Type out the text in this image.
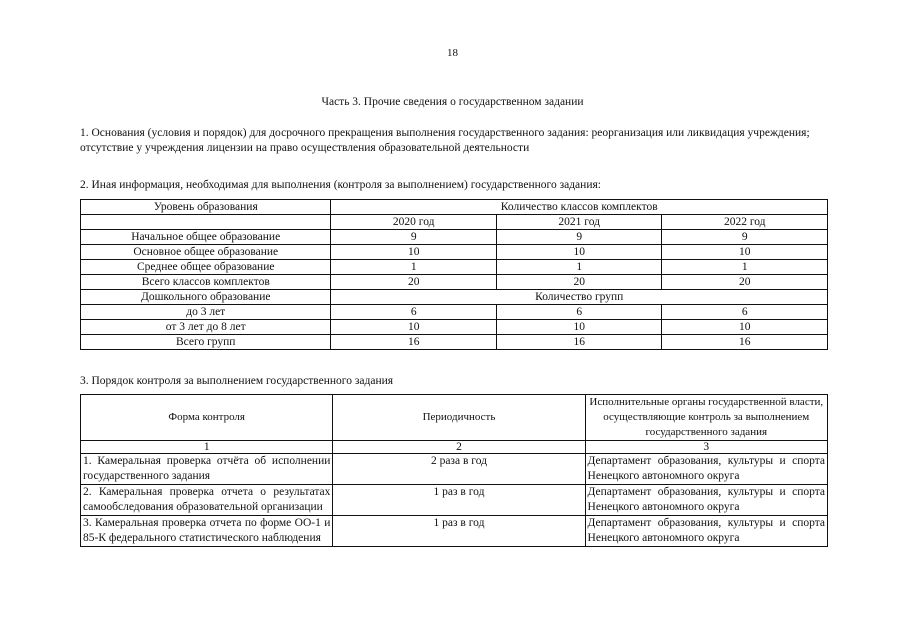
18
Часть 3. Прочие сведения о государственном задании
1. Основания (условия и порядок) для досрочного прекращения выполнения государственного задания: реорганизация или ликвидация учреждения; отсутствие у учреждения лицензии на право осуществления образовательной деятельности
2. Иная информация, необходимая для выполнения (контроля за выполнением) государственного задания:
Уровень образования	Количество классов комплектов		
	2020 год	2021 год	2022 год
Начальное общее образование	9	9	9
Основное общее образование	10	10	10
Среднее общее образование	1	1	1
Всего классов комплектов	20	20	20
Дошкольного образование	Количество групп		
до 3 лет	6	6	6
от 3 лет до 8 лет	10	10	10
Всего групп	16	16	16
3. Порядок контроля за выполнением государственного задания
Форма контроля	Периодичность	Исполнительные органы государственной власти, осуществляющие контроль за выполнением государственного задания
1	2	3

1. Камеральная проверка отчёта об исполнении
государственного задания	2 раза в год	Департамент образования, культуры и спорта
Ненецкого автономного округа

2. Камеральная проверка отчета о результатах
самообследования образовательной организации	1 раз в год	Департамент образования, культуры и спорта
Ненецкого автономного округа

3. Камеральная проверка отчета по форме ОО-1 и
85-К федерального статистического наблюдения	1 раз в год	Департамент образования, культуры и спорта
Ненецкого автономного округа
